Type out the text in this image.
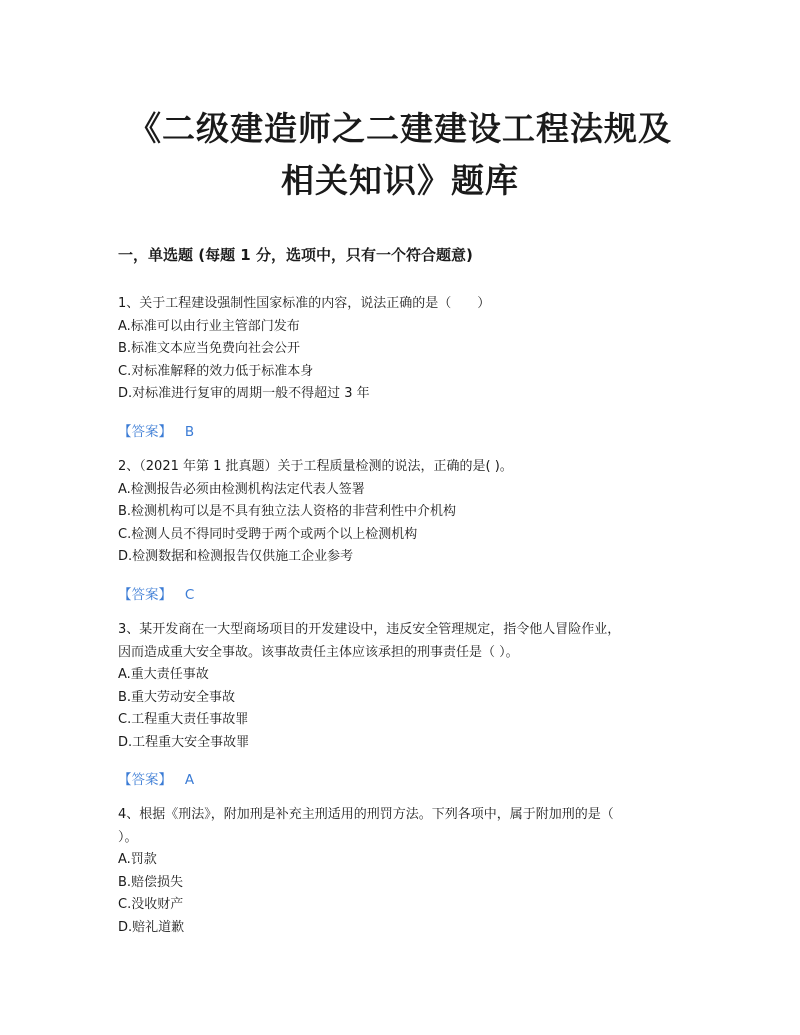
《二级建造师之二建建设工程法规及
相关知识》题库
一，单选题 (每题 1 分，选项中，只有一个符合题意)
1、关于工程建设强制性国家标准的内容，说法正确的是（　　）
A.标准可以由行业主管部门发布
B.标准文本应当免费向社会公开
C.对标准解释的效力低于标准本身
D.对标准进行复审的周期一般不得超过 3 年
【答案】 B
2、（2021 年第 1 批真题）关于工程质量检测的说法，正确的是( )。
A.检测报告必须由检测机构法定代表人签署
B.检测机构可以是不具有独立法人资格的非营利性中介机构
C.检测人员不得同时受聘于两个或两个以上检测机构
D.检测数据和检测报告仅供施工企业参考
【答案】 C
3、某开发商在一大型商场项目的开发建设中，违反安全管理规定，指令他人冒险作业，
因而造成重大安全事故。该事故责任主体应该承担的刑事责任是（ ）。
A.重大责任事故
B.重大劳动安全事故
C.工程重大责任事故罪
D.工程重大安全事故罪
【答案】 A
4、根据《刑法》，附加刑是补充主刑适用的刑罚方法。下列各项中，属于附加刑的是（
）。
A.罚款
B.赔偿损失
C.没收财产
D.赔礼道歉
